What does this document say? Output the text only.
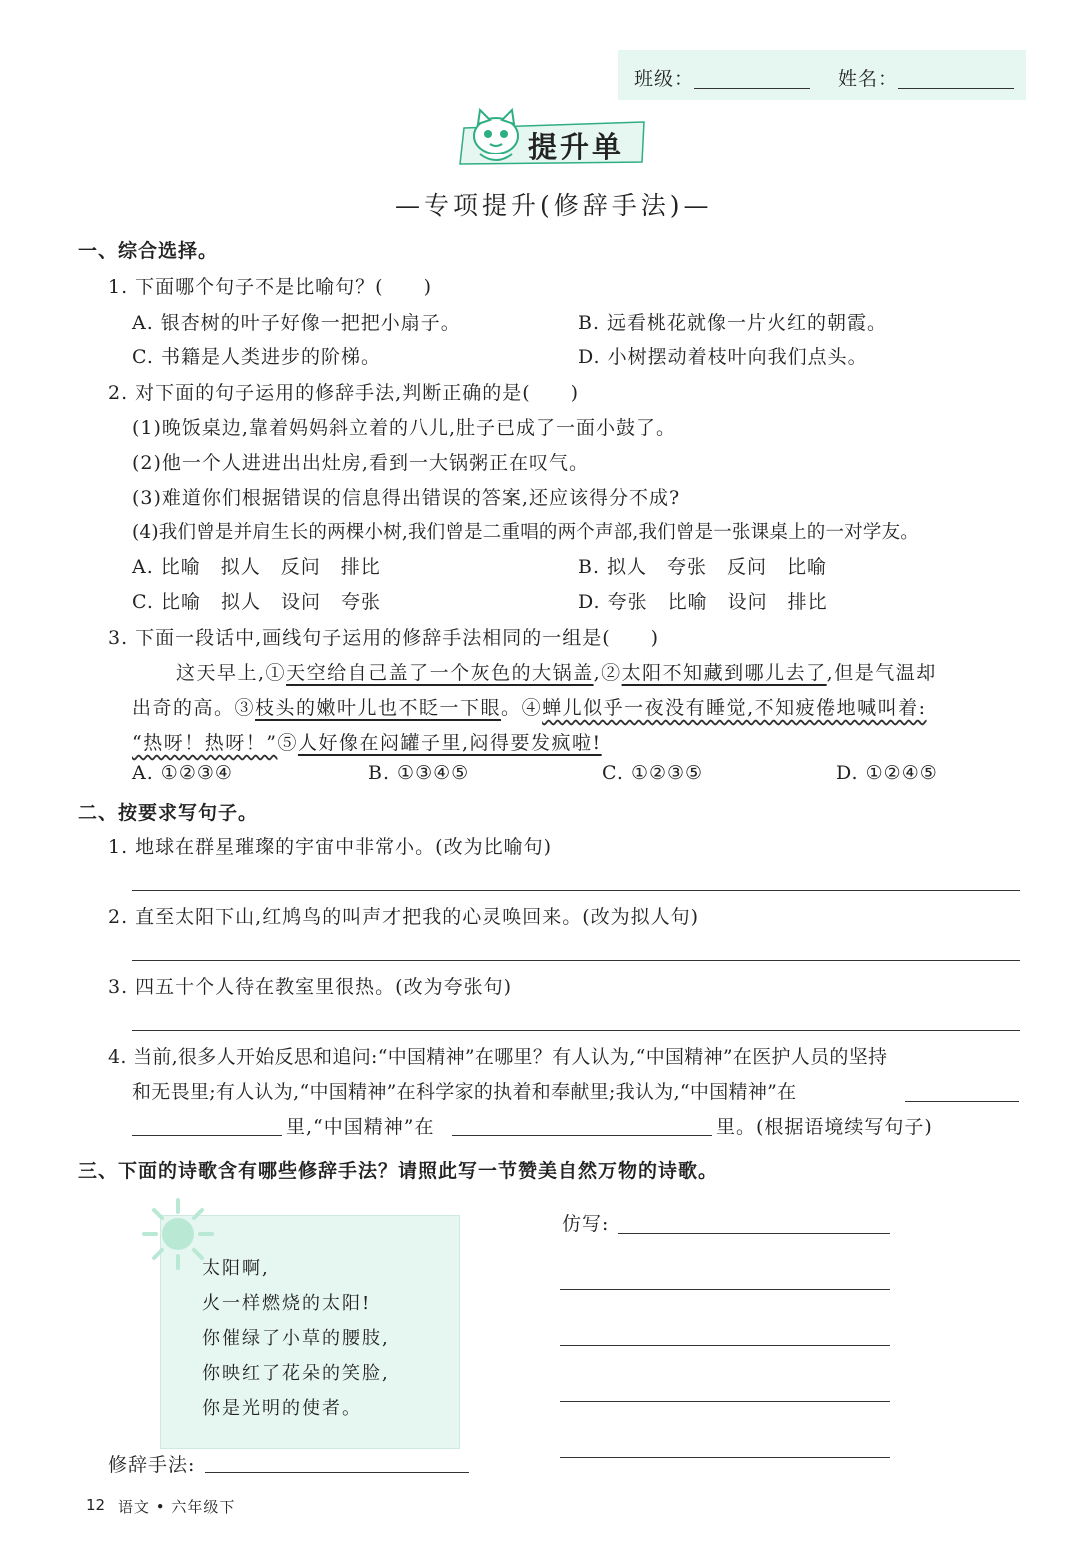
班级：	姓名：
提升单
—专项提升(修辞手法)—
一、综合选择。
1. 下面哪个句子不是比喻句？(　　)
A. 银杏树的叶子好像一把把小扇子。	B. 远看桃花就像一片火红的朝霞。
C. 书籍是人类进步的阶梯。	D. 小树摆动着枝叶向我们点头。
2. 对下面的句子运用的修辞手法,判断正确的是(　　)
(1)晚饭桌边,靠着妈妈斜立着的八儿,肚子已成了一面小鼓了。
(2)他一个人进进出出灶房,看到一大锅粥正在叹气。
(3)难道你们根据错误的信息得出错误的答案,还应该得分不成?
(4)我们曾是并肩生长的两棵小树,我们曾是二重唱的两个声部,我们曾是一张课桌上的一对学友。
A. 比喻　拟人　反问　排比	B. 拟人　夸张　反问　比喻
C. 比喻　拟人　设问　夸张	D. 夸张　比喻　设问　排比
3. 下面一段话中,画线句子运用的修辞手法相同的一组是(　　)
这天早上,①天空给自己盖了一个灰色的大锅盖,②太阳不知藏到哪儿去了,但是气温却
出奇的高。③枝头的嫩叶儿也不眨一下眼。④蝉儿似乎一夜没有睡觉,不知疲倦地喊叫着:
“热呀！热呀！”⑤人好像在闷罐子里,闷得要发疯啦!
A. ①②③④	B. ①③④⑤	C. ①②③⑤	D. ①②④⑤
二、按要求写句子。
1. 地球在群星璀璨的宇宙中非常小。(改为比喻句)
2. 直至太阳下山,红鸠鸟的叫声才把我的心灵唤回来。(改为拟人句)
3. 四五十个人待在教室里很热。(改为夸张句)
4. 当前,很多人开始反思和追问:“中国精神”在哪里？有人认为,“中国精神”在医护人员的坚持
和无畏里;有人认为,“中国精神”在科学家的执着和奉献里;我认为,“中国精神”在
里,“中国精神”在	里。(根据语境续写句子)
三、下面的诗歌含有哪些修辞手法？请照此写一节赞美自然万物的诗歌。
太阳啊,
火一样燃烧的太阳!
你催绿了小草的腰肢,
你映红了花朵的笑脸,
你是光明的使者。
修辞手法:
仿写:
12 语文 • 六年级下
